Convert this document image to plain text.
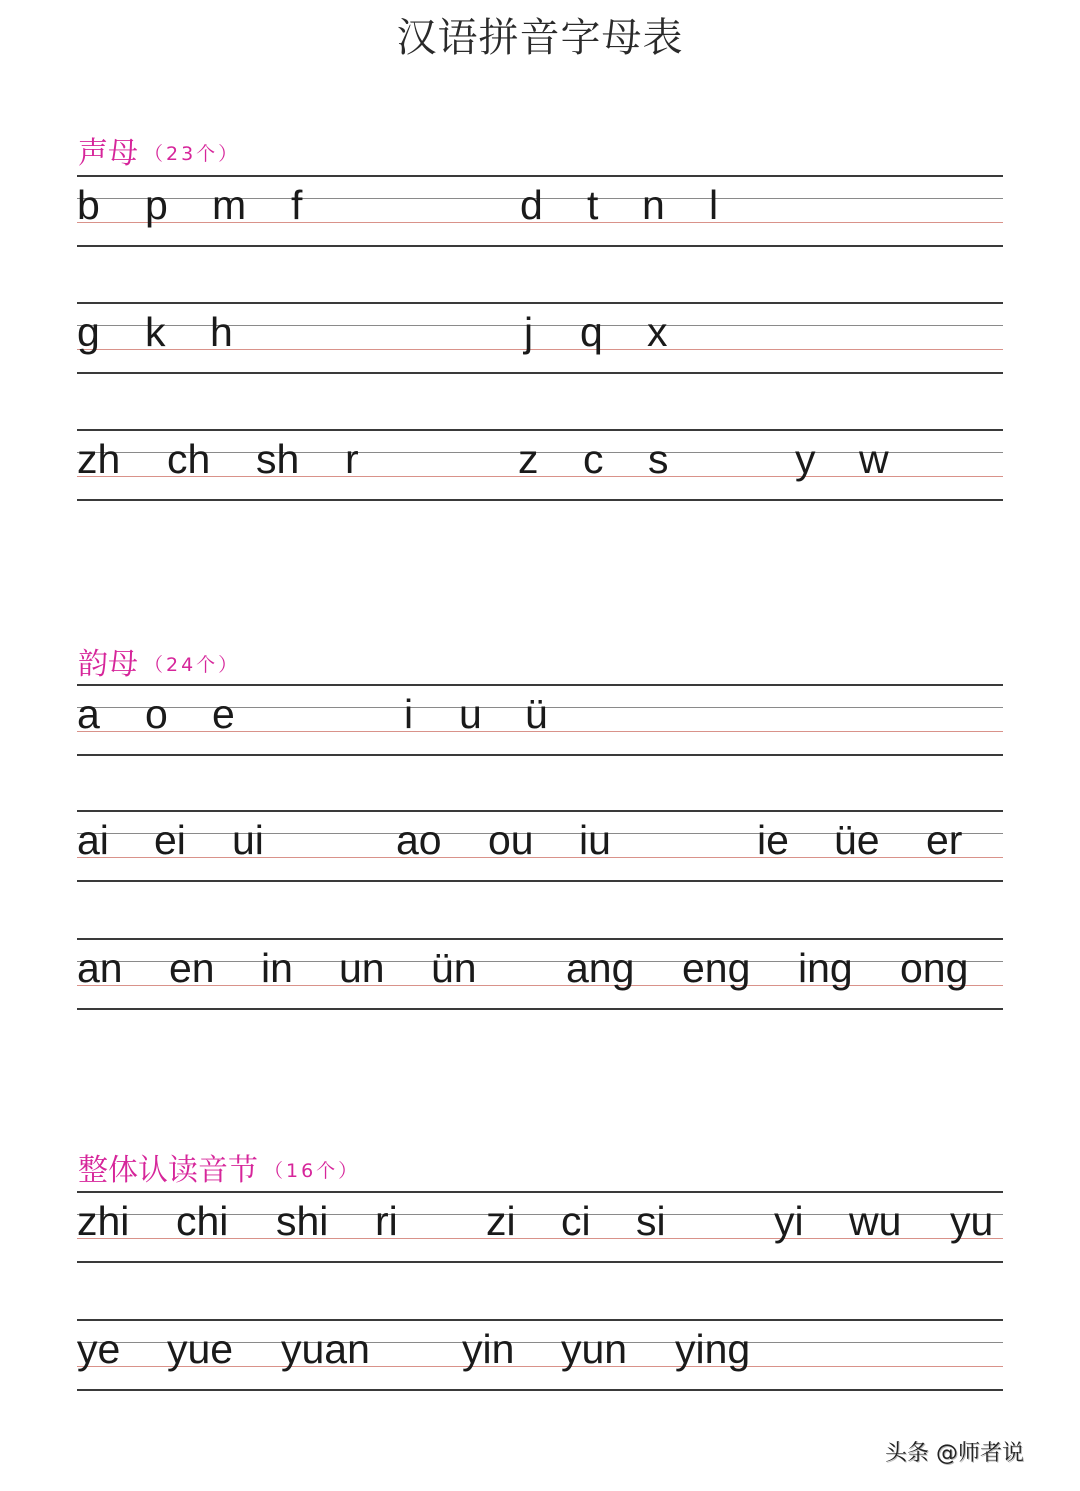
汉语拼音字母表
声母 （23个）
b p m f	d t n l
g k h	j q x
zh ch sh r	z c s	y w
韵母 （24个）
a o e	i u ü
ai ei ui	ao ou iu	ie üe er
an en in un ün ang eng ing ong
整体认读音节 （16个）
zhi chi shi ri zi ci si	yi wu yu
ye yue yuan yin yun ying
头条 @师者说
